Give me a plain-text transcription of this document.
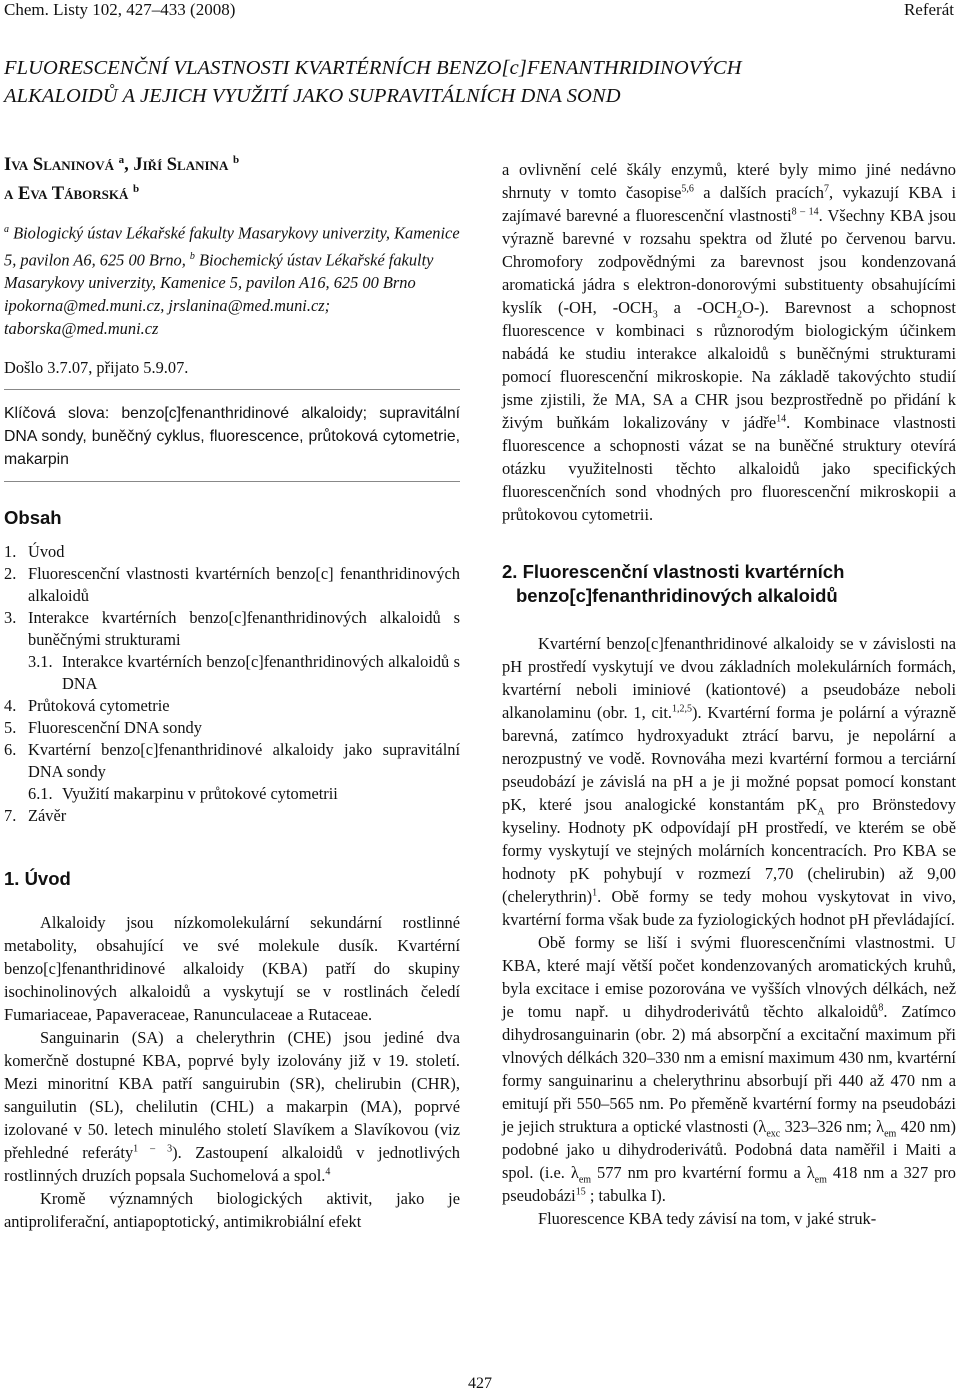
Chem. Listy 102, 427–433 (2008)	Referát
FLUORESCENČNÍ VLASTNOSTI KVARTÉRNÍCH BENZO[c]FENANTHRIDINOVÝCH
ALKALOIDŮ A JEJICH VYUŽITÍ JAKO SUPRAVITÁLNÍCH DNA SOND
Iva Slaninová $^a$, Jiří Slanina $^b$
a Eva Táborská $^b$
$^a$ Biologický ústav Lékařské fakulty Masarykovy univerzity, Kamenice 5, pavilon A6, 625 00 Brno, $^b$ Biochemický ústav Lékařské fakulty Masarykovy univerzity, Kamenice 5, pavilon A16, 625 00 Brno
ipokorna@med.muni.cz, jrslanina@med.muni.cz; taborska@med.muni.cz
Došlo 3.7.07, přijato 5.9.07.
Klíčová slova: benzo[c]fenanthridinové alkaloidy; supravitální DNA sondy, buněčný cyklus, fluorescence, průtoková cytometrie, makarpin
Obsah
1. Úvod
2. Fluorescenční vlastnosti kvartérních benzo[c] fenanthridinových alkaloidů
3. Interakce kvartérních benzo[c]fenanthridinových alkaloidů s buněčnými strukturami
3.1. Interakce kvartérních benzo[c]fenanthridinových alkaloidů s DNA
4. Průtoková cytometrie
5. Fluorescenční DNA sondy
6. Kvartérní benzo[c]fenanthridinové alkaloidy jako supravitální DNA sondy
6.1. Využití makarpinu v průtokové cytometrii
7. Závěr
1. Úvod

Alkaloidy jsou nízkomolekulární sekundární rostlinné metabolity, obsahující ve své molekule dusík. Kvartérní benzo[c]fenanthridinové alkaloidy (KBA) patří do skupiny isochinolinových alkaloidů a vyskytují se v rostlinách čeledí Fumariaceae, Papaveraceae, Ranunculaceae a Rutaceae.

Sanguinarin (SA) a chelerythrin (CHE) jsou jediné dva komerčně dostupné KBA, poprvé byly izolovány již v 19. století. Mezi minoritní KBA patří sanguirubin (SR), chelirubin (CHR), sanguilutin (SL), chelilutin (CHL) a makarpin (MA), poprvé izolované v 50. letech minulého století Slavíkem a Slavíkovou (viz přehledné referáty$^{1 - 3}$). Zastoupení alkaloidů v jednotlivých rostlinných druzích popsala Suchomelová a spol.$^4$

Kromě významných biologických aktivit, jako je antiproliferační, antiapoptotický, antimikrobiální efekt

a ovlivnění celé škály enzymů, které byly mimo jiné nedávno shrnuty v tomto časopise$^{5,6}$ a dalších pracích$^7$, vykazují KBA i zajímavé barevné a fluorescenční vlastnosti$^{8 - 14}$. Všechny KBA jsou výrazně barevné v rozsahu spektra od žluté po červenou barvu. Chromofory zodpovědnými za barevnost jsou kondenzovaná aromatická jádra s elektron-donorovými substituenty obsahujícími kyslík (-OH, $-OCH_3$ a $-OCH_2O-$). Barevnost a schopnost fluorescence v kombinaci s různorodým biologickým účinkem nabádá ke studiu interakce alkaloidů s buněčnými strukturami pomocí fluorescenční mikroskopie. Na základě takovýchto studií jsme zjistili, že MA, SA a CHR jsou bezprostředně po přidání k živým buňkám lokalizovány v jádře$^{14}$. Kombinace vlastnosti fluorescence a schopnosti vázat se na buněčné struktury otevírá otázku využitelnosti těchto alkaloidů jako specifických fluorescenčních sond vhodných pro fluorescenční mikroskopii a průtokovou cytometrii.

2. Fluorescenční vlastnosti kvartérních
benzo[c]fenanthridinových alkaloidů

Kvartérní benzo[c]fenanthridinové alkaloidy se v závislosti na pH prostředí vyskytují ve dvou základních molekulárních formách, kvartérní neboli iminiové (kationtové) a pseudobáze neboli alkanolaminu (obr. 1, cit.$^{1,2,5}$). Kvartérní forma je polární a výrazně barevná, zatímco hydroxyadukt ztrácí barvu, je nepolární a nerozpustný ve vodě. Rovnováha mezi kvartérní formou a terciární pseudobází je závislá na pH a je ji možné popsat pomocí konstant pK, které jsou analogické konstantám $pK_A$ pro Brönstedovy kyseliny. Hodnoty pK odpovídají pH prostředí, ve kterém se obě formy vyskytují ve stejných molárních koncentracích. Pro KBA se hodnoty pK pohybují v rozmezí 7,70 (chelirubin) až 9,00 (chelerythrin)$^1$. Obě formy se tedy mohou vyskytovat in vivo, kvartérní forma však bude za fyziologických hodnot pH převládající.

Obě formy se liší i svými fluorescenčními vlastnostmi. U KBA, které mají větší počet kondenzovaných aromatických kruhů, byla excitace i emise pozorována ve vyšších vlnových délkách, než je tomu např. u dihydroderivátů těchto alkaloidů$^8$. Zatímco dihydrosanguinarin (obr. 2) má absorpční a excitační maximum při vlnových délkách 320–330 nm a emisní maximum 430 nm, kvartérní formy sanguinarinu a chelerythrinu absorbují při 440 až 470 nm a emitují při 550–565 nm. Po přeměně kvartérní formy na pseudobázi je jejich struktura a optické vlastnosti ($\lambda_{exc}$ 323–326 nm; $\lambda_{em}$ 420 nm) podobné jako u dihydroderivátů. Podobná data naměřil i Maiti a spol. (i.e. $\lambda_{em}$ 577 nm pro kvartérní formu a $\lambda_{em}$ 418 nm a 327 pro pseudobázi$^{15}$ ; tabulka I).

Fluorescence KBA tedy závisí na tom, v jaké struk-

427
